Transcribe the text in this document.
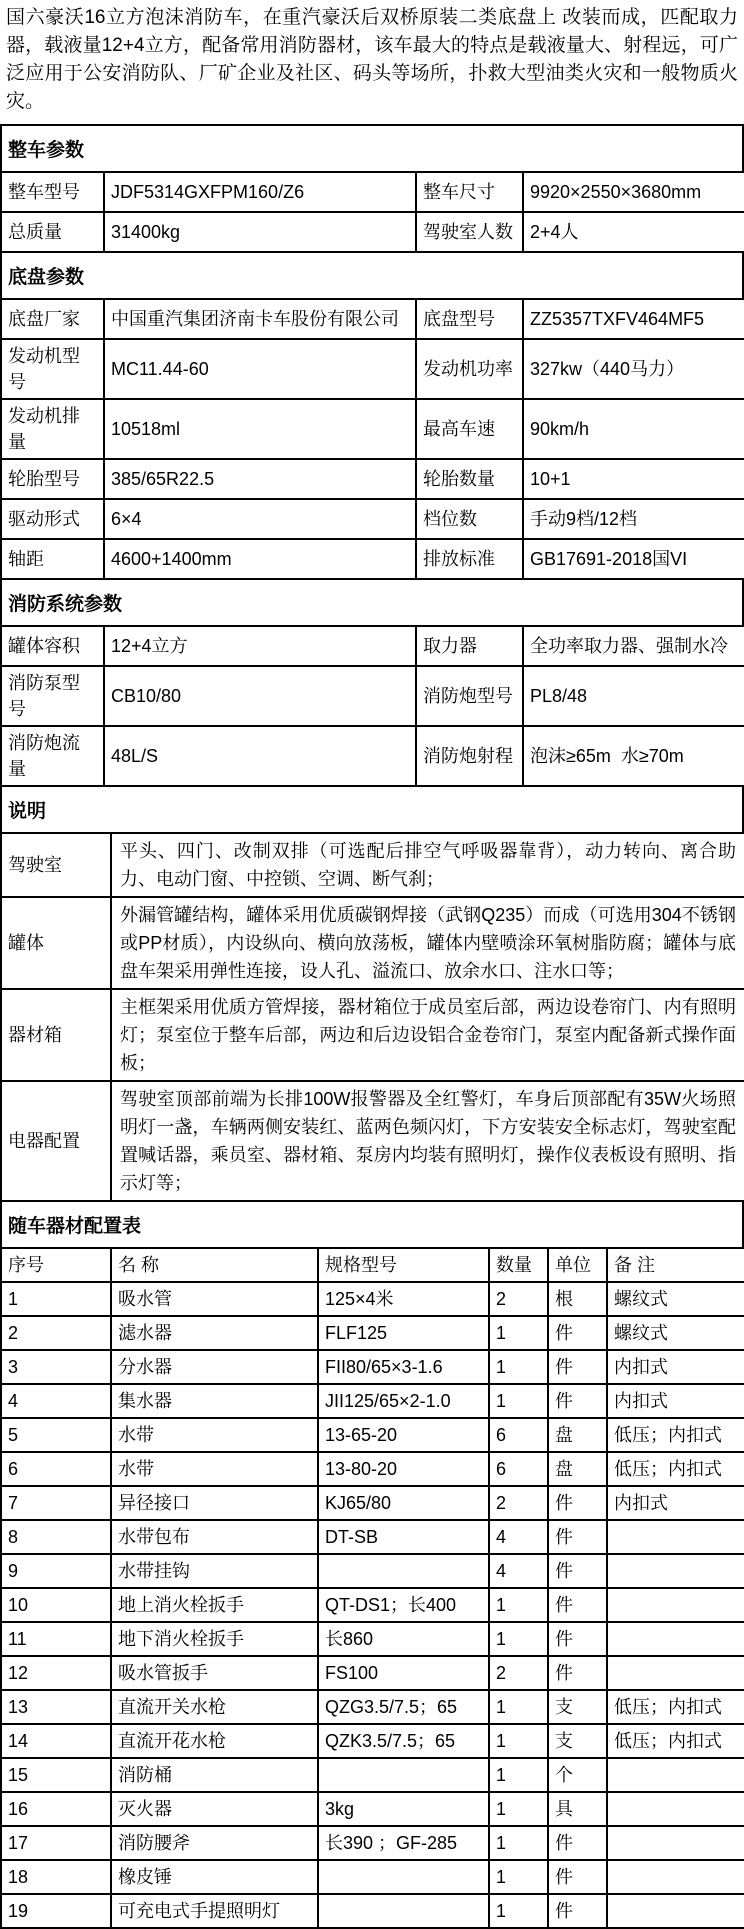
国六豪沃16立方泡沫消防车，在重汽豪沃后双桥原装二类底盘上 改装而成，匹配取力器，载液量12+4立方，配备常用消防器材，该车最大的特点是载液量大、射程远，可广泛应用于公安消防队、厂矿企业及社区、码头等场所，扑救大型油类火灾和一般物质火灾。

整车参数
整车型号	JDF5314GXFPM160/Z6	整车尺寸	9920×2550×3680mm
总质量	31400kg	驾驶室人数	2+4人
底盘参数
底盘厂家	中国重汽集团济南卡车股份有限公司	底盘型号	ZZ5357TXFV464MF5
发动机型号	MC11.44-60	发动机功率	327kw（440马力）
发动机排量	10518ml	最高车速	90km/h
轮胎型号	385/65R22.5	轮胎数量	10+1
驱动形式	6×4	档位数	手动9档/12档
轴距	4600+1400mm	排放标准	GB17691-2018国VI
消防系统参数
罐体容积	12+4立方	取力器	全功率取力器、强制水冷
消防泵型号	CB10/80	消防炮型号	PL8/48
消防炮流量	48L/S	消防炮射程	泡沫≥65m  水≥70m
说明
驾驶室	平头、四门、改制双排（可选配后排空气呼吸器靠背），动力转向、离合助力、电动门窗、中控锁、空调、断气刹；
罐体	外漏管罐结构，罐体采用优质碳钢焊接（武钢Q235）而成（可选用304不锈钢或PP材质），内设纵向、横向放荡板，罐体内壁喷涂环氧树脂防腐；罐体与底盘车架采用弹性连接，设人孔、溢流口、放余水口、注水口等；
器材箱	主框架采用优质方管焊接，器材箱位于成员室后部，两边设卷帘门、内有照明灯；泵室位于整车后部，两边和后边设铝合金卷帘门，泵室内配备新式操作面板；
电器配置	驾驶室顶部前端为长排100W报警器及全红警灯，车身后顶部配有35W火场照明灯一盏，车辆两侧安装红、蓝两色频闪灯，下方安装安全标志灯，驾驶室配置喊话器，乘员室、器材箱、泵房内均装有照明灯，操作仪表板设有照明、指示灯等；
随车器材配置表
序号	名 称	规格型号	数量	单位	备 注
1	吸水管	125×4米	2	根	螺纹式
2	滤水器	FLF125	1	件	螺纹式
3	分水器	FII80/65×3-1.6	1	件	内扣式
4	集水器	JII125/65×2-1.0	1	件	内扣式
5	水带	13-65-20	6	盘	低压；内扣式
6	水带	13-80-20	6	盘	低压；内扣式
7	异径接口	KJ65/80	2	件	内扣式
8	水带包布	DT-SB	4	件	
9	水带挂钩		4	件	
10	地上消火栓扳手	QT-DS1；长400	1	件	
11	地下消火栓扳手	长860	1	件	
12	吸水管扳手	FS100	2	件	
13	直流开关水枪	QZG3.5/7.5；65	1	支	低压；内扣式
14	直流开花水枪	QZK3.5/7.5；65	1	支	低压；内扣式
15	消防桶		1	个	
16	灭火器	3kg	1	具	
17	消防腰斧	长390 ；GF-285	1	件	
18	橡皮锤		1	件	
19	可充电式手提照明灯		1	件	
